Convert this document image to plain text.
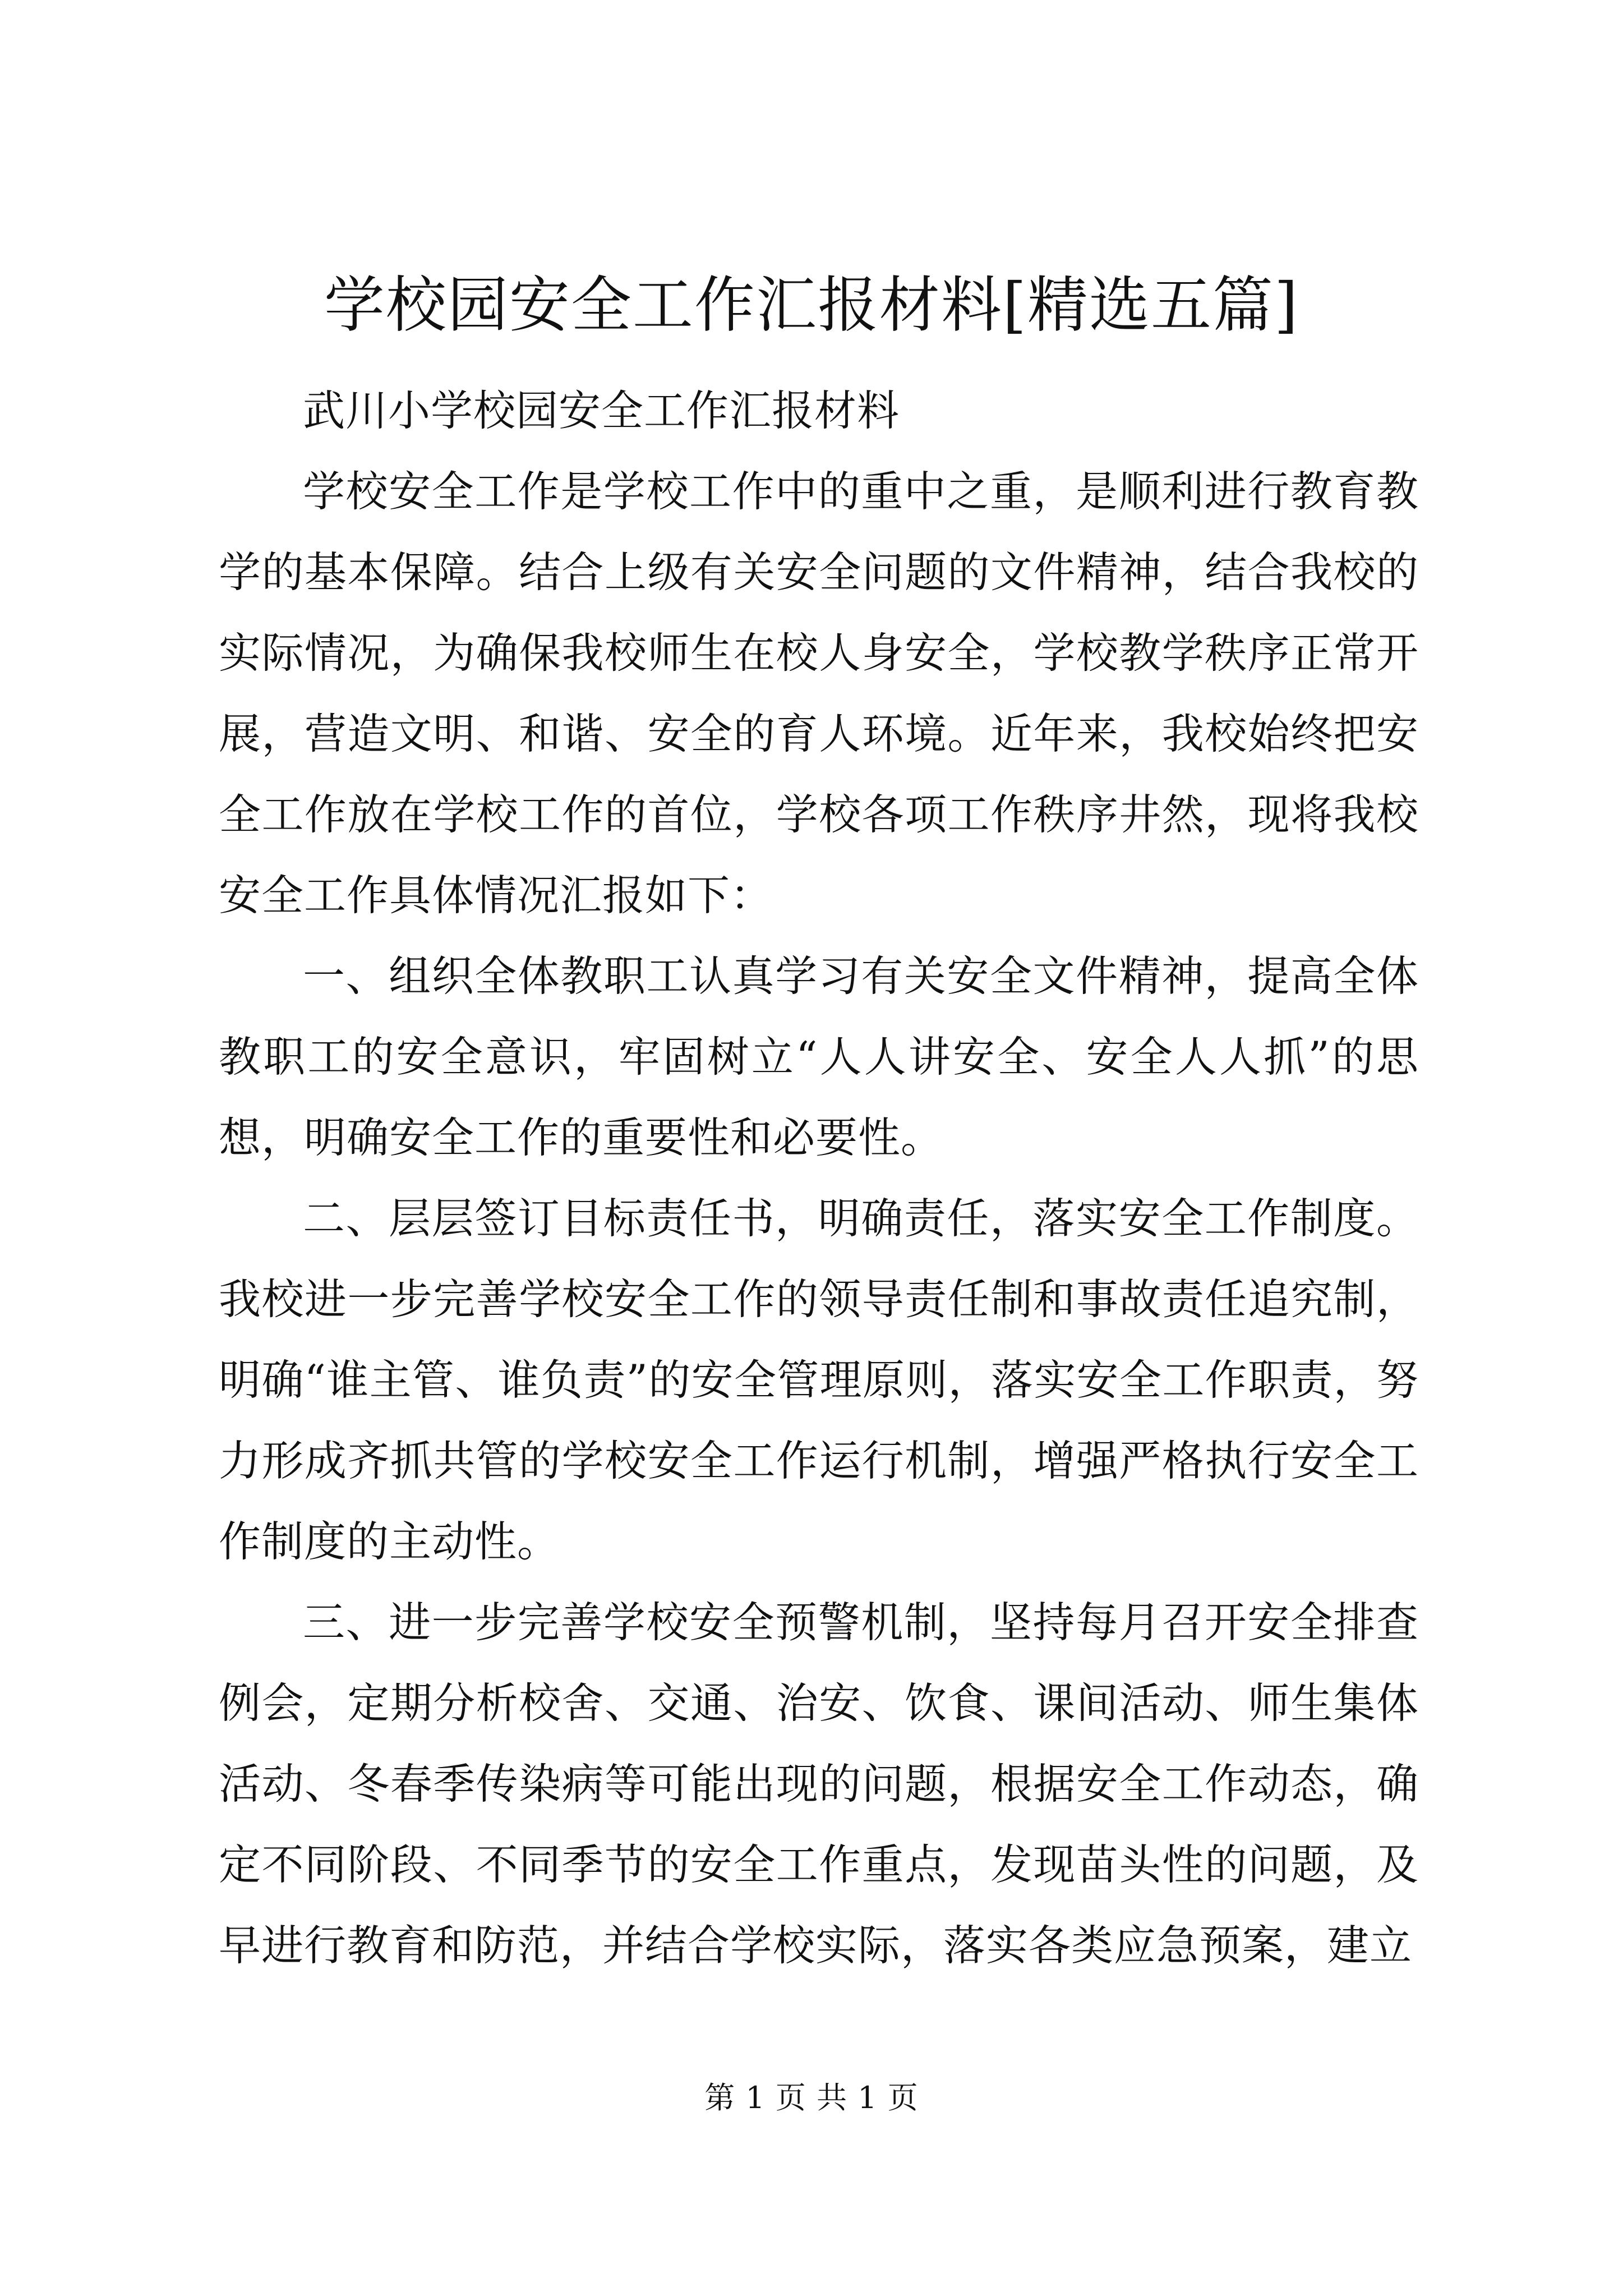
学校园安全工作汇报材料[精选五篇]

武川小学校园安全工作汇报材料

学校安全工作是学校工作中的重中之重，是顺利进行教育教学的基本保障。结合上级有关安全问题的文件精神，结合我校的实际情况，为确保我校师生在校人身安全，学校教学秩序正常开展，营造文明、和谐、安全的育人环境。近年来，我校始终把安全工作放在学校工作的首位，学校各项工作秩序井然，现将我校安全工作具体情况汇报如下：

一、组织全体教职工认真学习有关安全文件精神，提高全体教职工的安全意识，牢固树立“人人讲安全、安全人人抓”的思想，明确安全工作的重要性和必要性。

二、层层签订目标责任书，明确责任，落实安全工作制度。我校进一步完善学校安全工作的领导责任制和事故责任追究制，明确“谁主管、谁负责”的安全管理原则，落实安全工作职责，努力形成齐抓共管的学校安全工作运行机制，增强严格执行安全工作制度的主动性。

三、进一步完善学校安全预警机制，坚持每月召开安全排查例会，定期分析校舍、交通、治安、饮食、课间活动、师生集体活动、冬春季传染病等可能出现的问题，根据安全工作动态，确定不同阶段、不同季节的安全工作重点，发现苗头性的问题，及早进行教育和防范，并结合学校实际，落实各类应急预案，建立

第 1 页 共 1 页
